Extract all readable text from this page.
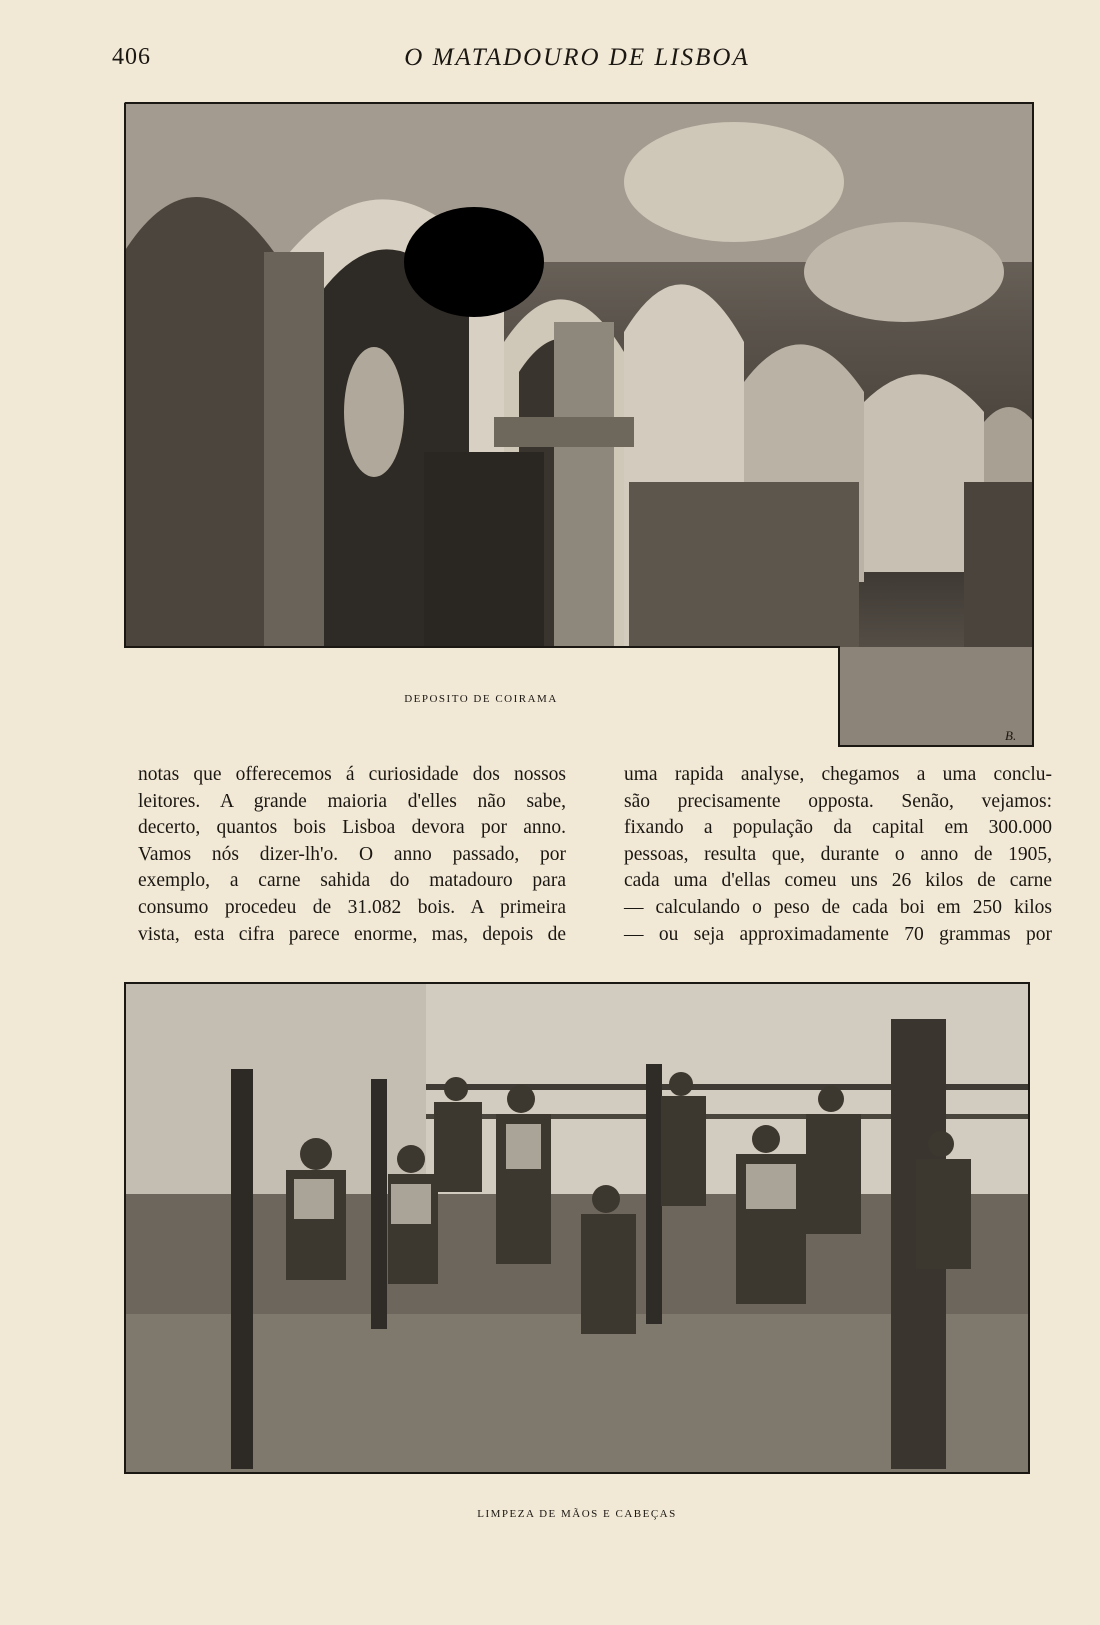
406	O MATADOURO DE LISBOA
B.
DEPOSITO DE COIRAMA
notas que offerecemos á curiosidade dos nossos
leitores. A grande maioria d'elles não sabe,
decerto, quantos bois Lisboa devora por anno.
Vamos nós dizer-lh'o. O anno passado, por
exemplo, a carne sahida do matadouro para
consumo procedeu de 31.082 bois. A primeira
vista, esta cifra parece enorme, mas, depois de
uma rapida analyse, chegamos a uma conclu-
são precisamente opposta. Senão, vejamos:
fixando a população da capital em 300.000
pessoas, resulta que, durante o anno de 1905,
cada uma d'ellas comeu uns 26 kilos de carne
— calculando o peso de cada boi em 250 kilos
— ou seja approximadamente 70 grammas por
LIMPEZA DE MÃOS E CABEÇAS
